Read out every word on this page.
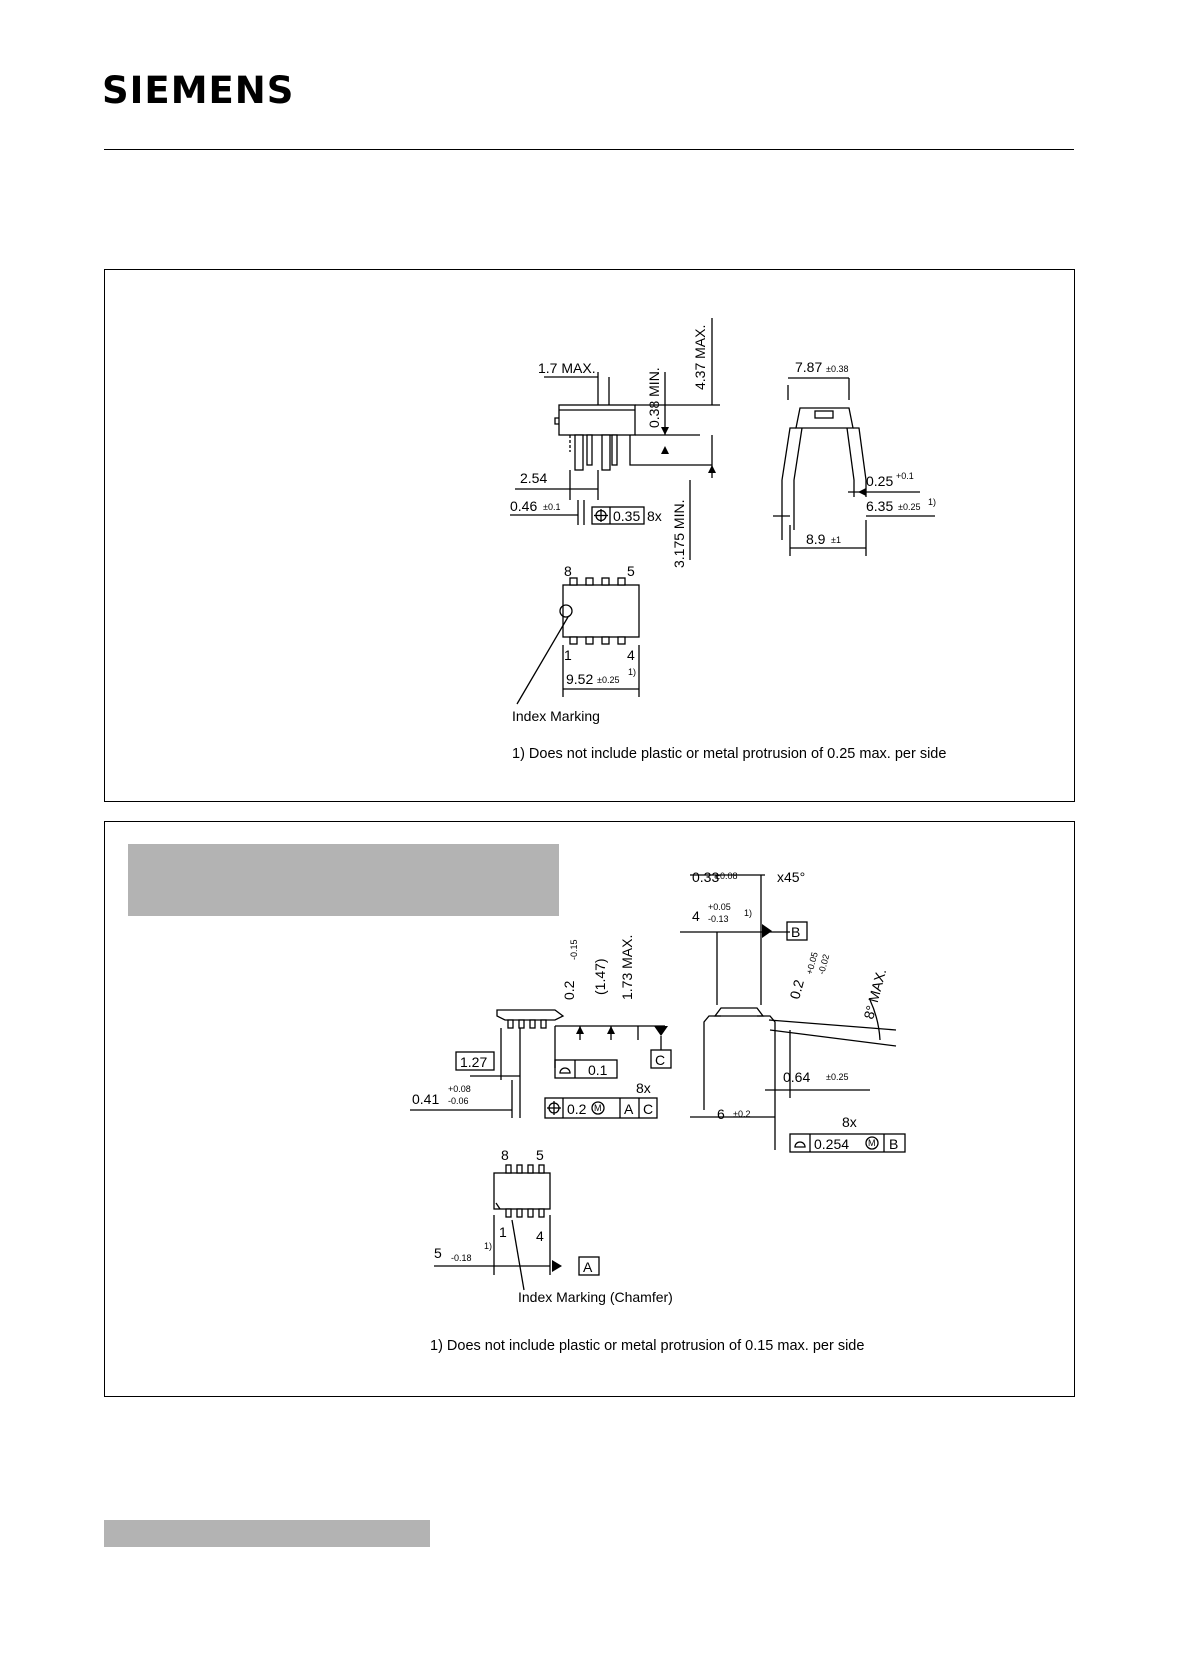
SIEMENS
1.7 MAX.	4.37 MAX.
0.38 MIN.
3.175 MIN.
2.54
0.46 ±0.1
0.35 8x
7.87 ±0.38
0.25 +0.1
6.35 ±0.25 1)
8.9 ±1
8	5
1	4
9.52 ±0.25
1)
Index Marking
1) Does not include plastic or metal protrusion of 0.25 max. per side
0.2
-0.15
(1.47) 1.73 MAX.
C
0.1
1.27
0.41
+0.08
-0.06
8x
0.2 M A C
0.33
±0.08	x45°
4
+0.05
-0.13
1)
B
0.2
+0.05
-0.02
8° MAX.
0.64 ±0.25
6 ±0.2	8x
0.254 M B
8 5
1 4
A
5 -0.18
1)
Index Marking (Chamfer)
1) Does not include plastic or metal protrusion of 0.15 max. per side
